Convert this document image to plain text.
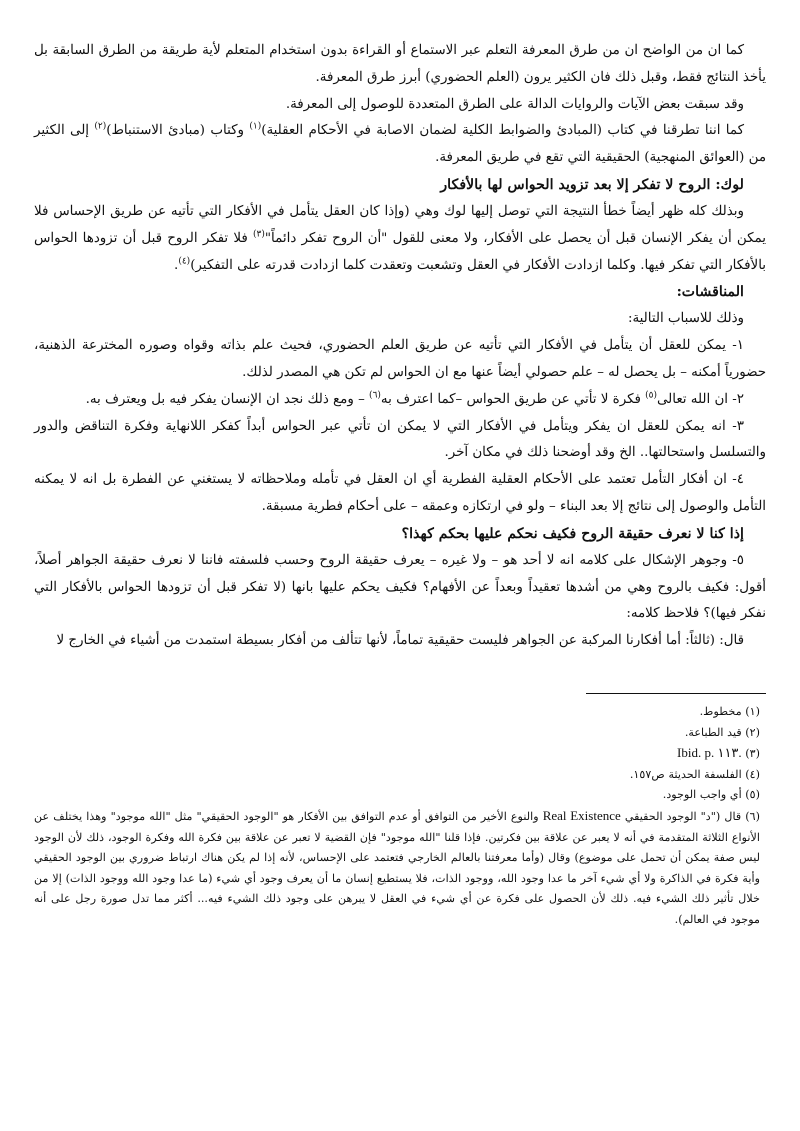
كما ان من الواضح ان من طرق المعرفة التعلم عبر الاستماع أو القراءة بدون استخدام المتعلم لأية طريقة من الطرق السابقة بل يأخذ النتائج فقط، وقبل ذلك فان الكثير يرون (العلم الحضوري) أبرز طرق المعرفة.

وقد سبقت بعض الآيات والروايات الدالة على الطرق المتعددة للوصول إلى المعرفة.

كما اننا تطرقنا في كتاب (المبادئ والضوابط الكلية لضمان الاصابة في الأحكام العقلية)$^{(١)}$ وكتاب (مبادئ الاستنباط)$^{(٢)}$ إلى الكثير من (العوائق المنهجية) الحقيقية التي تقع في طريق المعرفة.

لوك: الروح لا تفكر إلا بعد تزويد الحواس لها بالأفكار

وبذلك كله ظهر أيضاً خطأ النتيجة التي توصل إليها لوك وهي (وإذا كان العقل يتأمل في الأفكار التي تأتيه عن طريق الإحساس فلا يمكن أن يفكر الإنسان قبل أن يحصل على الأفكار، ولا معنى للقول "أن الروح تفكر دائماً"$^{(٣)}$ فلا تفكر الروح قبل أن تزودها الحواس بالأفكار التي تفكر فيها. وكلما ازدادت الأفكار في العقل وتشعبت وتعقدت كلما ازدادت قدرته على التفكير)$^{(٤)}$.

المناقشات:

وذلك للاسباب التالية:

١- يمكن للعقل أن يتأمل في الأفكار التي تأتيه عن طريق العلم الحضوري، فحيث علم بذاته وقواه وصوره المخترعة الذهنية، حضورياً أمكنه – بل يحصل له – علم حصولي أيضاً عنها مع ان الحواس لم تكن هي المصدر لذلك.

٢- ان الله تعالى$^{(٥)}$ فكرة لا تأتي عن طريق الحواس –كما اعترف به$^{(٦)}$ – ومع ذلك نجد ان الإنسان يفكر فيه بل ويعترف به.

٣- انه يمكن للعقل ان يفكر ويتأمل في الأفكار التي لا يمكن ان تأتي عبر الحواس أبداً كفكر اللانهاية وفكرة التناقض والدور والتسلسل واستحالتها.. الخ وقد أوضحنا ذلك في مكان آخر.

٤- ان أفكار التأمل تعتمد على الأحكام العقلية الفطرية أي ان العقل في تأمله وملاحظاته لا يستغني عن الفطرة بل انه لا يمكنه التأمل والوصول إلى نتائج إلا بعد البناء – ولو في ارتكازه وعمقه – على أحكام فطرية مسبقة.

إذا كنا لا نعرف حقيقة الروح فكيف نحكم عليها بحكم كهذا؟

٥- وجوهر الإشكال على كلامه انه لا أحد هو – ولا غيره – يعرف حقيقة الروح وحسب فلسفته فاننا لا نعرف حقيقة الجواهر أصلاً، أقول: فكيف بالروح وهي من أشدها تعقيداً وبعداً عن الأفهام؟ فكيف يحكم عليها بانها (لا تفكر قبل أن تزودها الحواس بالأفكار التي نفكر فيها)؟ فلاحظ كلامه:

قال: (ثالثاً: أما أفكارنا المركبة عن الجواهر فليست حقيقية تماماً، لأنها تتألف من أفكار بسيطة استمدت من أشياء في الخارج لا

(١) مخطوط.

(٢) قيد الطباعة.

(٣) Ibid. p. ١١٣.

(٤) الفلسفة الحديثة ص١٥٧.

(٥) أي واجب الوجود.

(٦) قال ("د" الوجود الحقيقي Real Existence والنوع الأخير من التوافق أو عدم التوافق بين الأفكار هو "الوجود الحقيقي" مثل "الله موجود" وهذا يختلف عن الأنواع الثلاثة المتقدمة في أنه لا يعبر عن علاقة بين فكرتين. فإذا قلنا "الله موجود" فإن القضية لا تعبر عن علاقة بين فكرة الله وفكرة الوجود، ذلك لأن الوجود ليس صفة يمكن أن تحمل على موضوع) وقال (وأما معرفتنا بالعالم الخارجي فتعتمد على الإحساس، لأنه إذا لم يكن هناك ارتباط ضروري بين الوجود الحقيقي وأية فكرة في الذاكرة ولا أي شيء آخر ما عدا وجود الله، ووجود الذات، فلا يستطيع إنسان ما أن يعرف وجود أي شيء (ما عدا وجود الله ووجود الذات) إلا من خلال تأثير ذلك الشيء فيه. ذلك لأن الحصول على فكرة عن أي شيء في العقل لا يبرهن على وجود ذلك الشيء فيه... أكثر مما تدل صورة رجل على أنه موجود في العالم).
